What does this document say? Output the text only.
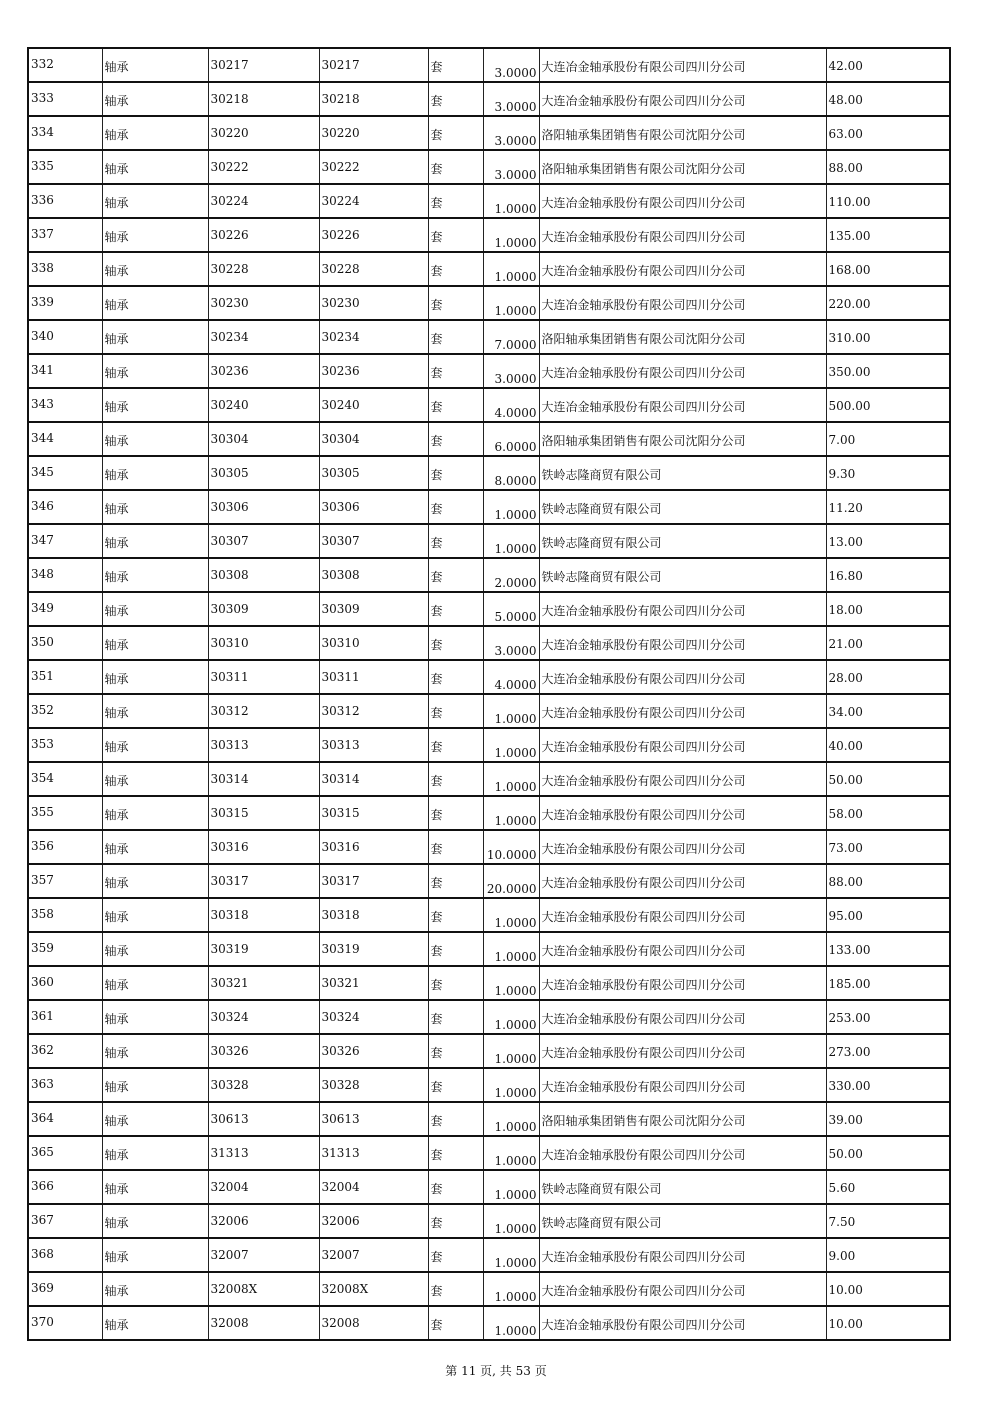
332	轴承	30217	30217	套	3.0000	大连冶金轴承股份有限公司四川分公司	42.00
333	轴承	30218	30218	套	3.0000	大连冶金轴承股份有限公司四川分公司	48.00
334	轴承	30220	30220	套	3.0000	洛阳轴承集团销售有限公司沈阳分公司	63.00
335	轴承	30222	30222	套	3.0000	洛阳轴承集团销售有限公司沈阳分公司	88.00
336	轴承	30224	30224	套	1.0000	大连冶金轴承股份有限公司四川分公司	110.00
337	轴承	30226	30226	套	1.0000	大连冶金轴承股份有限公司四川分公司	135.00
338	轴承	30228	30228	套	1.0000	大连冶金轴承股份有限公司四川分公司	168.00
339	轴承	30230	30230	套	1.0000	大连冶金轴承股份有限公司四川分公司	220.00
340	轴承	30234	30234	套	7.0000	洛阳轴承集团销售有限公司沈阳分公司	310.00
341	轴承	30236	30236	套	3.0000	大连冶金轴承股份有限公司四川分公司	350.00
343	轴承	30240	30240	套	4.0000	大连冶金轴承股份有限公司四川分公司	500.00
344	轴承	30304	30304	套	6.0000	洛阳轴承集团销售有限公司沈阳分公司	7.00
345	轴承	30305	30305	套	8.0000	铁岭志隆商贸有限公司	9.30
346	轴承	30306	30306	套	1.0000	铁岭志隆商贸有限公司	11.20
347	轴承	30307	30307	套	1.0000	铁岭志隆商贸有限公司	13.00
348	轴承	30308	30308	套	2.0000	铁岭志隆商贸有限公司	16.80
349	轴承	30309	30309	套	5.0000	大连冶金轴承股份有限公司四川分公司	18.00
350	轴承	30310	30310	套	3.0000	大连冶金轴承股份有限公司四川分公司	21.00
351	轴承	30311	30311	套	4.0000	大连冶金轴承股份有限公司四川分公司	28.00
352	轴承	30312	30312	套	1.0000	大连冶金轴承股份有限公司四川分公司	34.00
353	轴承	30313	30313	套	1.0000	大连冶金轴承股份有限公司四川分公司	40.00
354	轴承	30314	30314	套	1.0000	大连冶金轴承股份有限公司四川分公司	50.00
355	轴承	30315	30315	套	1.0000	大连冶金轴承股份有限公司四川分公司	58.00
356	轴承	30316	30316	套	10.0000	大连冶金轴承股份有限公司四川分公司	73.00
357	轴承	30317	30317	套	20.0000	大连冶金轴承股份有限公司四川分公司	88.00
358	轴承	30318	30318	套	1.0000	大连冶金轴承股份有限公司四川分公司	95.00
359	轴承	30319	30319	套	1.0000	大连冶金轴承股份有限公司四川分公司	133.00
360	轴承	30321	30321	套	1.0000	大连冶金轴承股份有限公司四川分公司	185.00
361	轴承	30324	30324	套	1.0000	大连冶金轴承股份有限公司四川分公司	253.00
362	轴承	30326	30326	套	1.0000	大连冶金轴承股份有限公司四川分公司	273.00
363	轴承	30328	30328	套	1.0000	大连冶金轴承股份有限公司四川分公司	330.00
364	轴承	30613	30613	套	1.0000	洛阳轴承集团销售有限公司沈阳分公司	39.00
365	轴承	31313	31313	套	1.0000	大连冶金轴承股份有限公司四川分公司	50.00
366	轴承	32004	32004	套	1.0000	铁岭志隆商贸有限公司	5.60
367	轴承	32006	32006	套	1.0000	铁岭志隆商贸有限公司	7.50
368	轴承	32007	32007	套	1.0000	大连冶金轴承股份有限公司四川分公司	9.00
369	轴承	32008X	32008X	套	1.0000	大连冶金轴承股份有限公司四川分公司	10.00
370	轴承	32008	32008	套	1.0000	大连冶金轴承股份有限公司四川分公司	10.00
第 11 页, 共 53 页
